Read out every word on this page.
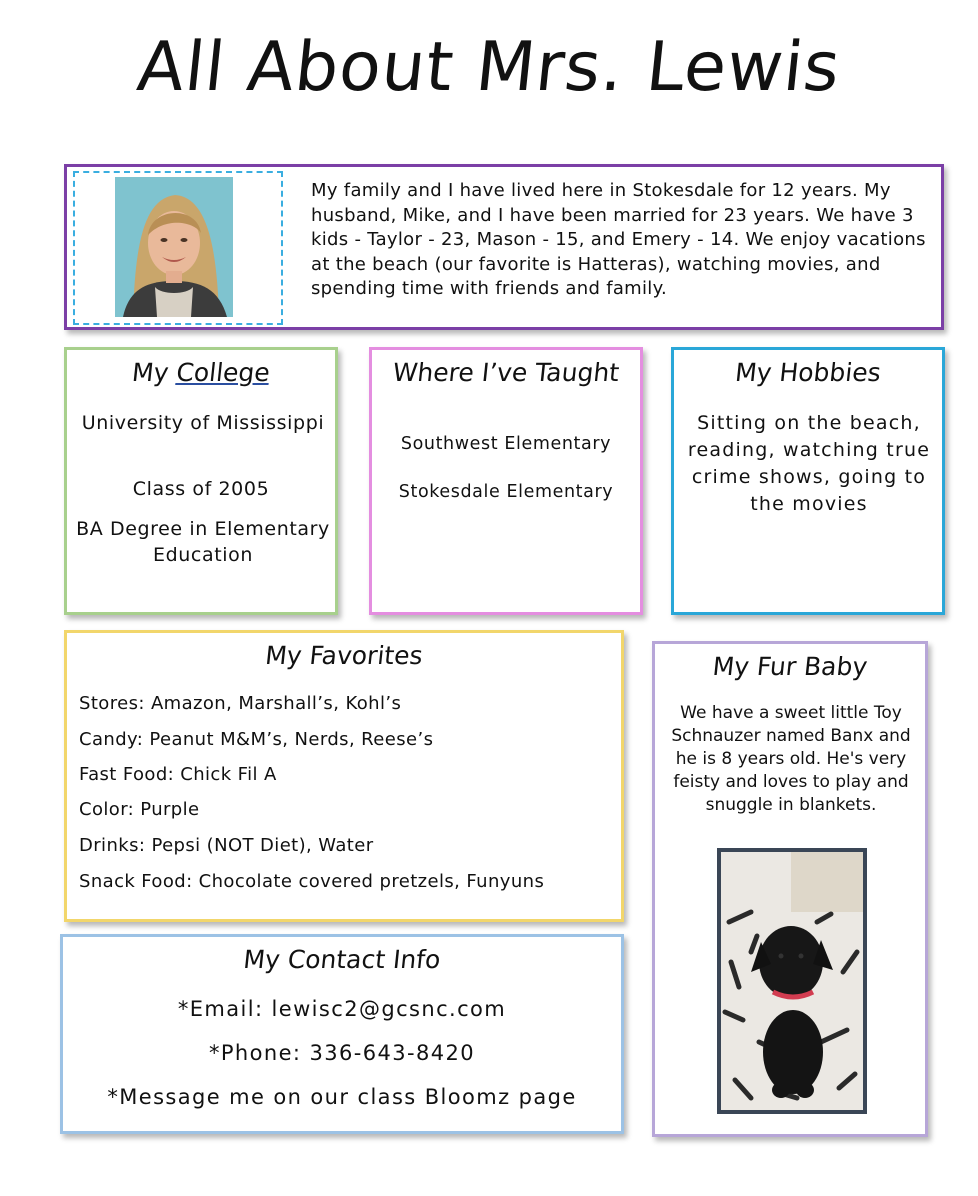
All About Mrs. Lewis
My family and I have lived here in Stokesdale for 12 years. My husband, Mike, and I have been married for 23 years. We have 3 kids - Taylor - 23, Mason - 15, and Emery - 14. We enjoy vacations at the beach (our favorite is Hatteras), watching movies, and spending time with friends and family.
My College
University of Mississippi
Class of 2005
BA Degree in Elementary Education
Where I’ve Taught
Southwest Elementary
Stokesdale Elementary
My Hobbies
Sitting on the beach, reading, watching true crime shows, going to the movies
My Favorites
Stores: Amazon, Marshall’s, Kohl’s
Candy: Peanut M&M’s, Nerds, Reese’s
Fast Food: Chick Fil A
Color: Purple
Drinks: Pepsi (NOT Diet), Water
Snack Food: Chocolate covered pretzels, Funyuns
My Fur Baby
We have a sweet little Toy Schnauzer named Banx and he is 8 years old. He's very feisty and loves to play and snuggle in blankets.
My Contact Info
*Email: lewisc2@gcsnc.com
*Phone: 336-643-8420
*Message me on our class Bloomz page
